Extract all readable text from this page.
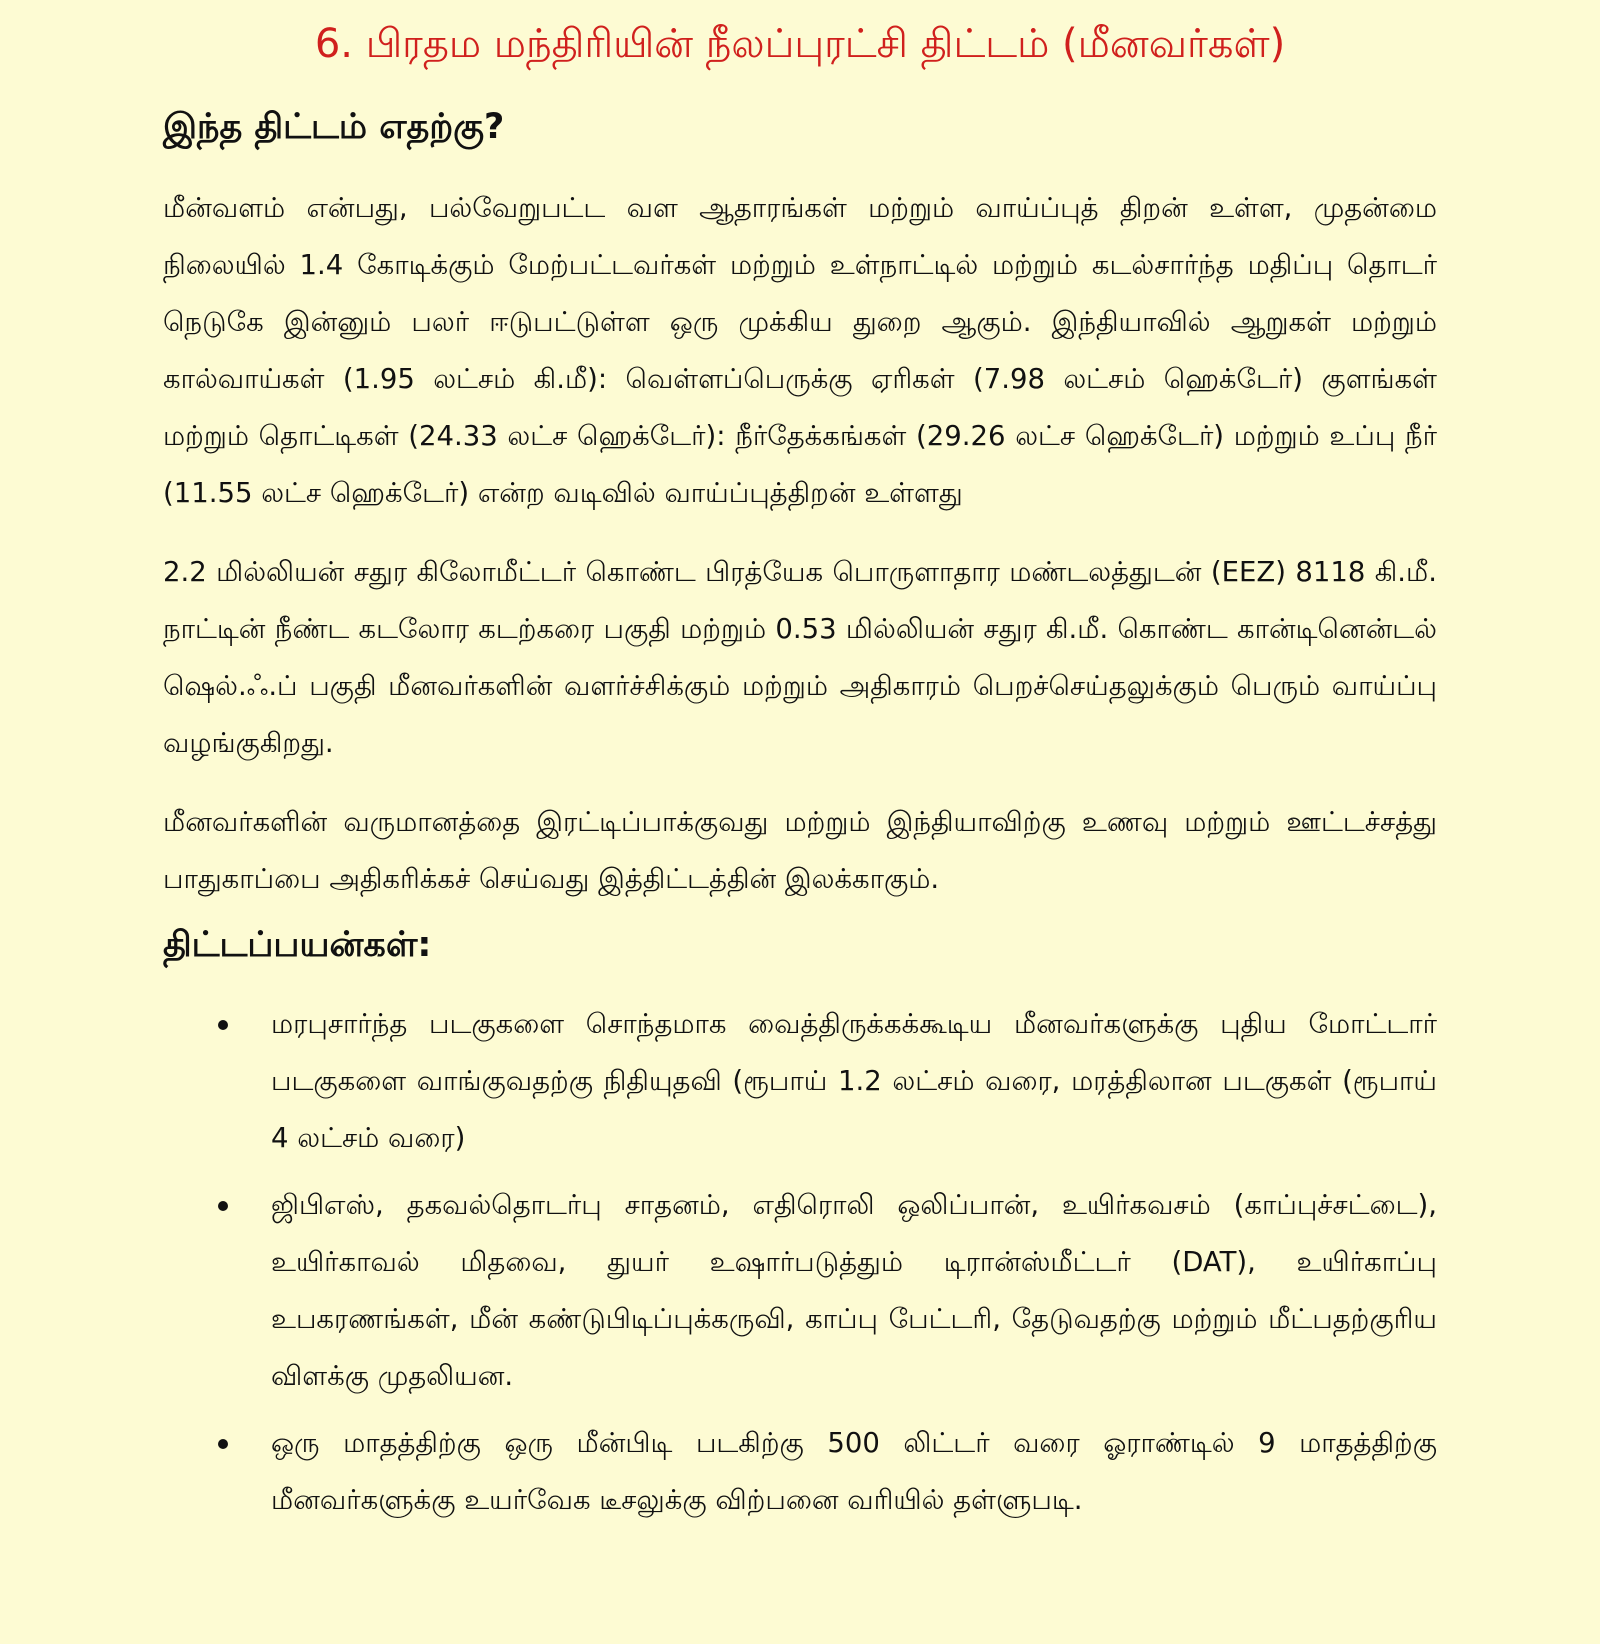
6. பிரதம மந்திரியின் நீலப்புரட்சி திட்டம் (மீனவர்கள்)
இந்த திட்டம் எதற்கு?

மீன்வளம் என்பது, பல்வேறுபட்ட வள ஆதாரங்கள் மற்றும் வாய்ப்புத் திறன் உள்ள, முதன்மை நிலையில் 1.4 கோடிக்கும் மேற்பட்டவர்கள் மற்றும் உள்நாட்டில் மற்றும் கடல்சார்ந்த மதிப்பு தொடர் நெடுகே இன்னும் பலர் ஈடுபட்டுள்ள ஒரு முக்கிய துறை ஆகும். இந்தியாவில் ஆறுகள் மற்றும் கால்வாய்கள் (1.95 லட்சம் கி.மீ): வெள்ளப்பெருக்கு ஏரிகள் (7.98 லட்சம் ஹெக்டேர்) குளங்கள் மற்றும் தொட்டிகள் (24.33 லட்ச ஹெக்டேர்): நீர்தேக்கங்கள் (29.26 லட்ச ஹெக்டேர்) மற்றும் உப்பு நீர் (11.55 லட்ச ஹெக்டேர்) என்ற வடிவில் வாய்ப்புத்திறன் உள்ளது

2.2 மில்லியன் சதுர கிலோமீட்டர் கொண்ட பிரத்யேக பொருளாதார மண்டலத்துடன் (EEZ) 8118 கி.மீ. நாட்டின் நீண்ட கடலோர கடற்கரை பகுதி மற்றும் 0.53 மில்லியன் சதுர கி.மீ. கொண்ட கான்டினென்டல் ஷெல்.ஃ.ப் பகுதி மீனவர்களின் வளர்ச்சிக்கும் மற்றும் அதிகாரம் பெறச்செய்தலுக்கும் பெரும் வாய்ப்பு வழங்குகிறது.

மீனவர்களின் வருமானத்தை இரட்டிப்பாக்குவது மற்றும் இந்தியாவிற்கு உணவு மற்றும் ஊட்டச்சத்து பாதுகாப்பை அதிகரிக்கச் செய்வது இத்திட்டத்தின் இலக்காகும்.

திட்டப்பயன்கள்:
மரபுசார்ந்த படகுகளை சொந்தமாக வைத்திருக்கக்கூடிய மீனவர்களுக்கு புதிய மோட்டார் படகுகளை வாங்குவதற்கு நிதியுதவி (ரூபாய் 1.2 லட்சம் வரை, மரத்திலான படகுகள் (ரூபாய் 4 லட்சம் வரை)
ஜிபிஎஸ், தகவல்தொடர்பு சாதனம், எதிரொலி ஒலிப்பான், உயிர்கவசம் (காப்புச்சட்டை), உயிர்காவல் மிதவை, துயர் உஷார்படுத்தும் டிரான்ஸ்மீட்டர் (DAT), உயிர்காப்பு உபகரணங்கள், மீன் கண்டுபிடிப்புக்கருவி, காப்பு பேட்டரி, தேடுவதற்கு மற்றும் மீட்பதற்குரிய விளக்கு முதலியன.
ஒரு மாதத்திற்கு ஒரு மீன்பிடி படகிற்கு 500 லிட்டர் வரை ஓராண்டில் 9 மாதத்திற்கு மீனவர்களுக்கு உயர்வேக டீசலுக்கு விற்பனை வரியில் தள்ளுபடி.
